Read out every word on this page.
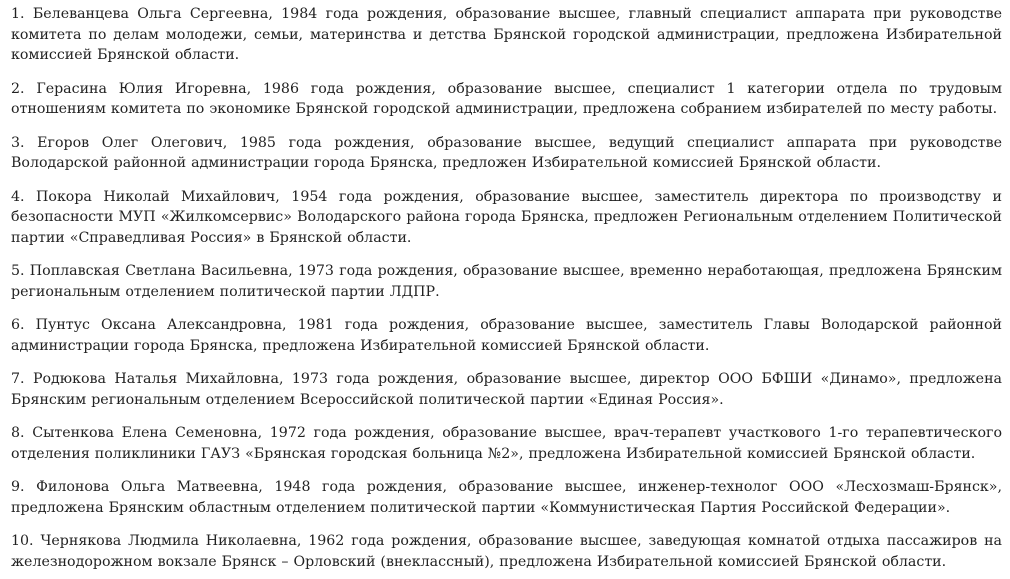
1. Белеванцева Ольга Сергеевна, 1984 года рождения, образование высшее, главный специалист аппарата при руководстве комитета по делам молодежи, семьи, материнства и детства Брянской городской администрации, предложена Избирательной комиссией Брянской области.

2. Герасина Юлия Игоревна, 1986 года рождения, образование высшее, специалист 1 категории отдела по трудовым отношениям комитета по экономике Брянской городской администрации, предложена собранием избирателей по месту работы.

3. Егоров Олег Олегович, 1985 года рождения, образование высшее, ведущий специалист аппарата при руководстве Володарской районной администрации города Брянска, предложен Избирательной комиссией Брянской области.

4. Покора Николай Михайлович, 1954 года рождения, образование высшее, заместитель директора по производству и безопасности МУП «Жилкомсервис» Володарского района города Брянска, предложен Региональным отделением Политической партии «Справедливая Россия» в Брянской области.

5. Поплавская Светлана Васильевна, 1973 года рождения, образование высшее, временно неработающая, предложена Брянским региональным отделением политической партии ЛДПР.

6. Пунтус Оксана Александровна, 1981 года рождения, образование высшее, заместитель Главы Володарской районной администрации города Брянска, предложена Избирательной комиссией Брянской области.

7. Родюкова Наталья Михайловна, 1973 года рождения, образование высшее, директор ООО БФШИ «Динамо», предложена Брянским региональным отделением Всероссийской политической партии «Единая Россия».

8. Сытенкова Елена Семеновна, 1972 года рождения, образование высшее, врач-терапевт участкового 1-го терапевтического отделения поликлиники ГАУЗ «Брянская городская больница №2», предложена Избирательной комиссией Брянской области.

9. Филонова Ольга Матвеевна, 1948 года рождения, образование высшее, инженер-технолог ООО «Лесхозмаш-Брянск», предложена Брянским областным отделением политической партии «Коммунистическая Партия Российской Федерации».

10. Чернякова Людмила Николаевна, 1962 года рождения, образование высшее, заведующая комнатой отдыха пассажиров на железнодорожном вокзале Брянск – Орловский (внеклассный), предложена Избирательной комиссией Брянской области.
